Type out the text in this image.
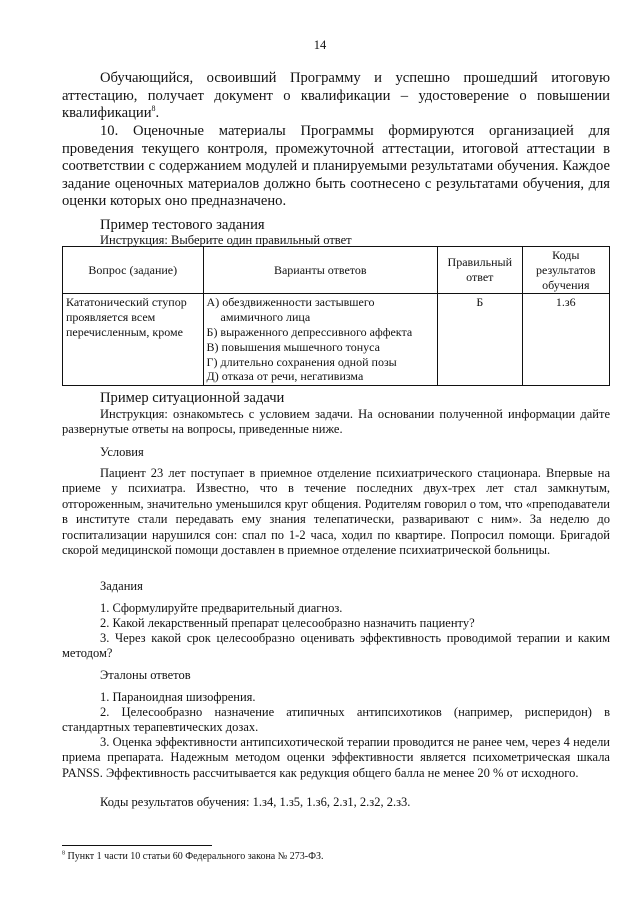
14

Обучающийся, освоивший Программу и успешно прошедший итоговую аттестацию, получает документ о квалификации – удостоверение о повышении квалификации$^8$.

10. Оценочные материалы Программы формируются организацией для проведения текущего контроля, промежуточной аттестации, итоговой аттестации в соответствии с содержанием модулей и планируемыми результатами обучения. Каждое задание оценочных материалов должно быть соотнесено с результатами обучения, для оценки которых оно предназначено.

Пример тестового задания
Инструкция: Выберите один правильный ответ
Вопрос (задание)	Варианты ответов	Правильный ответ	Коды результатов обучения
Кататонический ступор проявляется всем перечисленным, кроме	А) обездвиженности застывшего амимичного лица
Б) выраженного депрессивного аффекта
В) повышения мышечного тонуса
Г) длительно сохранения одной позы
Д) отказа от речи, негативизма	Б	1.з6
Пример ситуационной задачи

Инструкция: ознакомьтесь с условием задачи. На основании полученной информации дайте развернутые ответы на вопросы, приведенные ниже.

Условия

Пациент 23 лет поступает в приемное отделение психиатрического стационара. Впервые на приеме у психиатра. Известно, что в течение последних двух-трех лет стал замкнутым, отгороженным, значительно уменьшился круг общения. Родителям говорил о том, что «преподаватели в институте стали передавать ему знания телепатически, разваривают с ним». За неделю до госпитализации нарушился сон: спал по 1-2 часа, ходил по квартире. Попросил помощи. Бригадой скорой медицинской помощи доставлен в приемное отделение психиатрической больницы.

Задания

1. Сформулируйте предварительный диагноз.

2. Какой лекарственный препарат целесообразно назначить пациенту?

3. Через какой срок целесообразно оценивать эффективность проводимой терапии и каким методом?

Эталоны ответов

1. Параноидная шизофрения.

2. Целесообразно назначение атипичных антипсихотиков (например, рисперидон) в стандартных терапевтических дозах.

3. Оценка эффективности антипсихотической терапии проводится не ранее чем, через 4 недели приема препарата. Надежным методом оценки эффективности является психометрическая шкала PANSS. Эффективность рассчитывается как редукция общего балла не менее 20 % от исходного.

Коды результатов обучения: 1.з4, 1.з5, 1.з6, 2.з1, 2.з2, 2.з3.
$^8$ Пункт 1 части 10 статьи 60 Федерального закона № 273-ФЗ.
